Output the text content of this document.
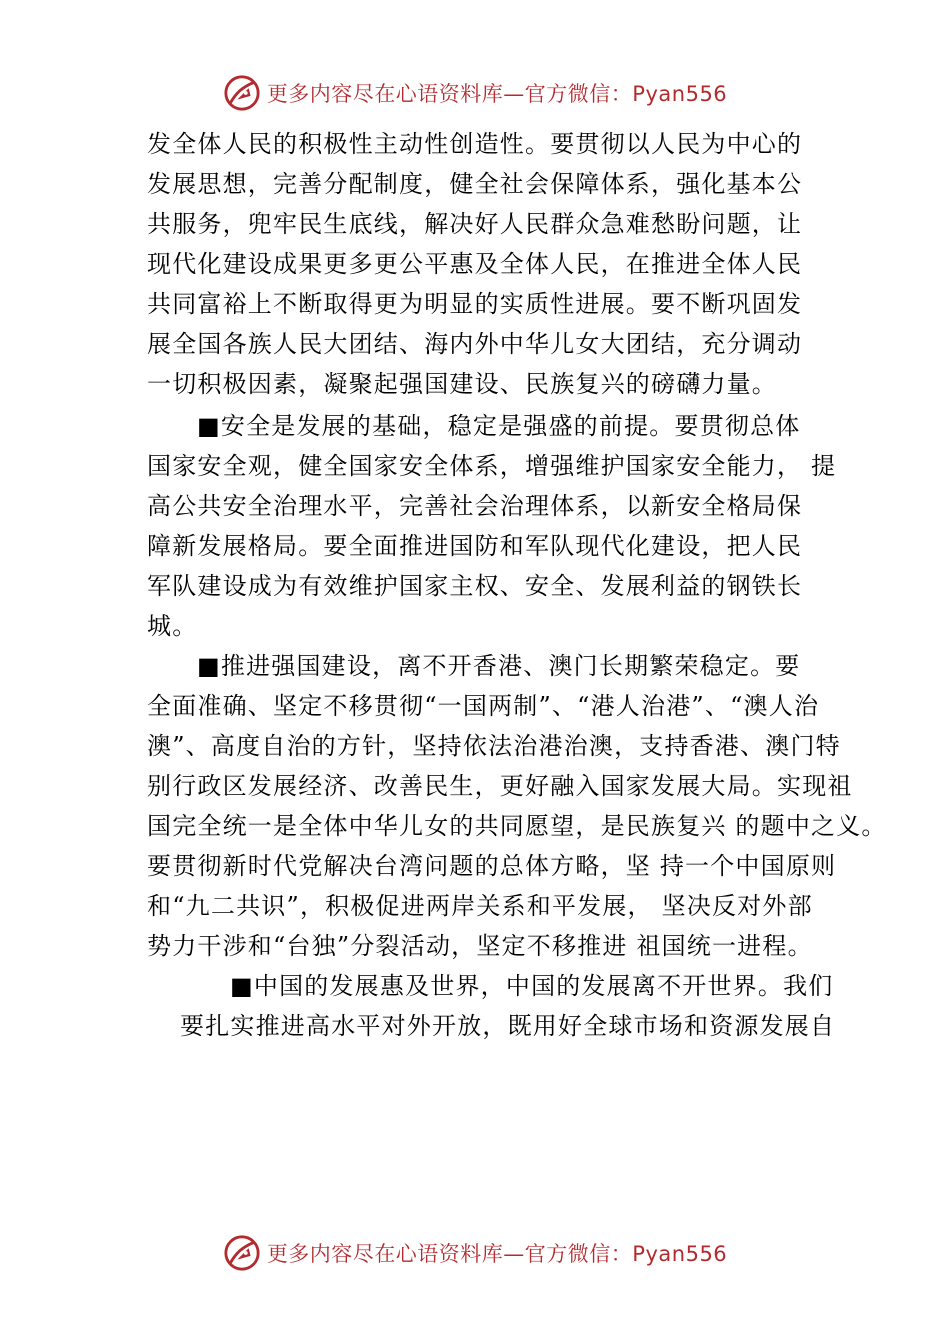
更多内容尽在心语资料库—官方微信：Pyan556
发全体人民的积极性主动性创造性。要贯彻以人民为中心的
发展思想，完善分配制度，健全社会保障体系，强化基本公
共服务，兜牢民生底线，解决好人民群众急难愁盼问题，让
现代化建设成果更多更公平惠及全体人民，在推进全体人民
共同富裕上不断取得更为明显的实质性进展。要不断巩固发
展全国各族人民大团结、海内外中华儿女大团结，充分调动
一切积极因素，凝聚起强国建设、民族复兴的磅礴力量。
■安全是发展的基础，稳定是强盛的前提。要贯彻总体
国家安全观，健全国家安全体系，增强维护国家安全能力， 提
高公共安全治理水平，完善社会治理体系，以新安全格局保
障新发展格局。要全面推进国防和军队现代化建设，把人民
军队建设成为有效维护国家主权、安全、发展利益的钢铁长
城。
■推进强国建设，离不开香港、澳门长期繁荣稳定。要
全面准确、坚定不移贯彻“一国两制”、“港人治港”、“澳人治
澳”、高度自治的方针，坚持依法治港治澳，支持香港、澳门特
别行政区发展经济、改善民生，更好融入国家发展大局。实现祖
国完全统一是全体中华儿女的共同愿望，是民族复兴 的题中之义。
要贯彻新时代党解决台湾问题的总体方略，坚 持一个中国原则
和“九二共识”，积极促进两岸关系和平发展， 坚决反对外部
势力干涉和“台独”分裂活动，坚定不移推进 祖国统一进程。
■中国的发展惠及世界，中国的发展离不开世界。我们
要扎实推进高水平对外开放，既用好全球市场和资源发展自
更多内容尽在心语资料库—官方微信：Pyan556
